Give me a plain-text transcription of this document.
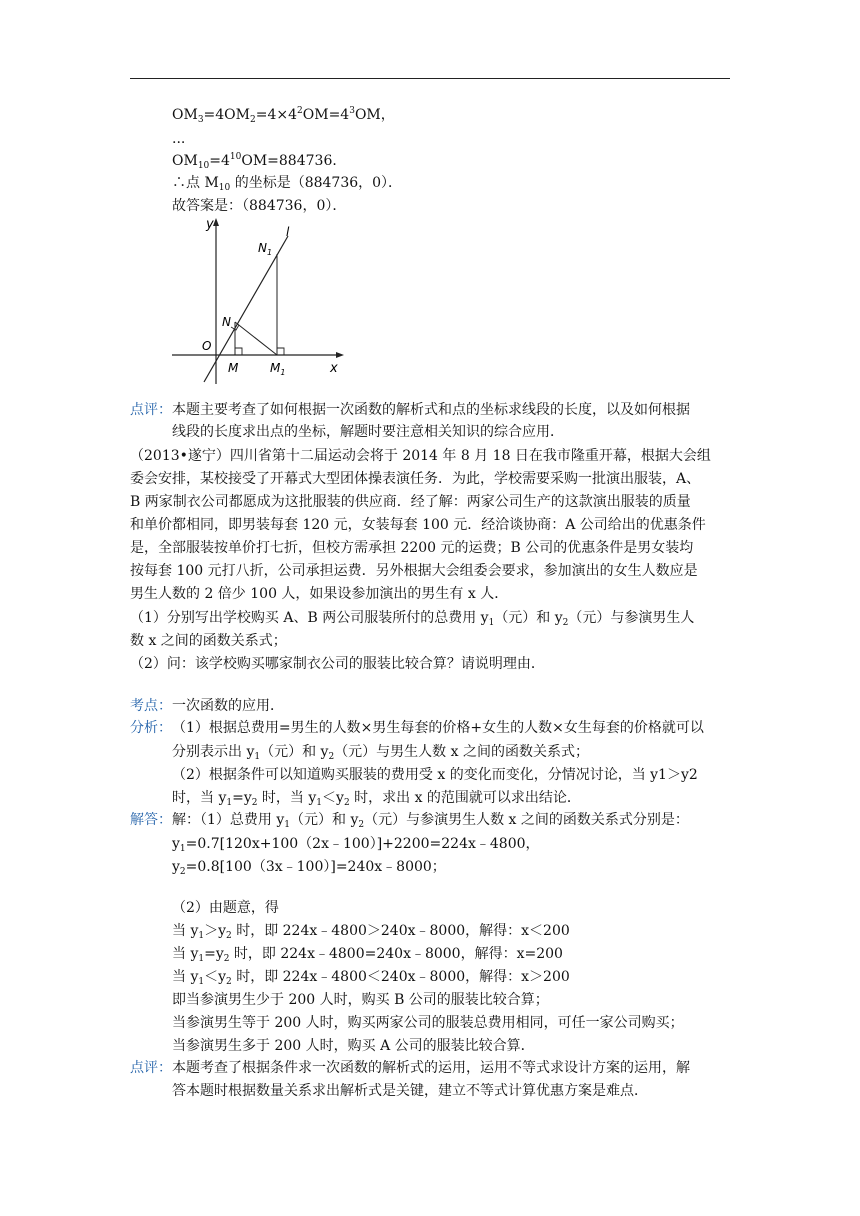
$OM_3=4OM_2=4\times 4^2OM=4^3OM$，
...
$OM_{10}=4^{10}OM=884736$．
∴点 $M_{10}$ 的坐标是（884736，0）．
故答案是：（884736，0）．
y	l
$N_1$
N
O
M	$M_1$	x
点评： 本题主要考查了如何根据一次函数的解析式和点的坐标求线段的长度，以及如何根据
线段的长度求出点的坐标，解题时要注意相关知识的综合应用．
（2013•遂宁）四川省第十二届运动会将于 2014 年 8 月 18 日在我市隆重开幕，根据大会组
委会安排，某校接受了开幕式大型团体操表演任务．为此，学校需要采购一批演出服装，A、
B 两家制衣公司都愿成为这批服装的供应商．经了解：两家公司生产的这款演出服装的质量
和单价都相同，即男装每套 120 元，女装每套 100 元．经洽谈协商：A 公司给出的优惠条件
是，全部服装按单价打七折，但校方需承担 2200 元的运费；B 公司的优惠条件是男女装均
按每套 100 元打八折，公司承担运费．另外根据大会组委会要求，参加演出的女生人数应是
男生人数的 2 倍少 100 人，如果设参加演出的男生有 x 人．
（1）分别写出学校购买 A、B 两公司服装所付的总费用 $y_1$（元）和 $y_2$（元）与参演男生人
数 x 之间的函数关系式；
（2）问：该学校购买哪家制衣公司的服装比较合算？请说明理由．
考点： 一次函数的应用．
分析： （1）根据总费用=男生的人数×男生每套的价格+女生的人数×女生每套的价格就可以
分别表示出 $y_1$（元）和 $y_2$（元）与男生人数 x 之间的函数关系式；
（2）根据条件可以知道购买服装的费用受 x 的变化而变化，分情况讨论，当 y1＞y2
时，当 $y_1=y_2$ 时，当 $y_1<y_2$ 时，求出 x 的范围就可以求出结论．
解答： 解：（1）总费用 $y_1$（元）和 $y_2$（元）与参演男生人数 x 之间的函数关系式分别是：
$y_1=0.7[120x+100(2x﹣100)]+2200=224x﹣4800$，
$y_2=0.8[100(3x﹣100)]=240x﹣8000$；
（2）由题意，得
当 $y_1>y_2$ 时，即 224x﹣4800＞240x﹣8000，解得：x＜200
当 $y_1=y_2$ 时，即 224x﹣4800=240x﹣8000，解得：x=200
当 $y_1<y_2$ 时，即 224x﹣4800＜240x﹣8000，解得：x＞200
即当参演男生少于 200 人时，购买 B 公司的服装比较合算；
当参演男生等于 200 人时，购买两家公司的服装总费用相同，可任一家公司购买；
当参演男生多于 200 人时，购买 A 公司的服装比较合算．
点评： 本题考查了根据条件求一次函数的解析式的运用，运用不等式求设计方案的运用，解
答本题时根据数量关系求出解析式是关键，建立不等式计算优惠方案是难点．
